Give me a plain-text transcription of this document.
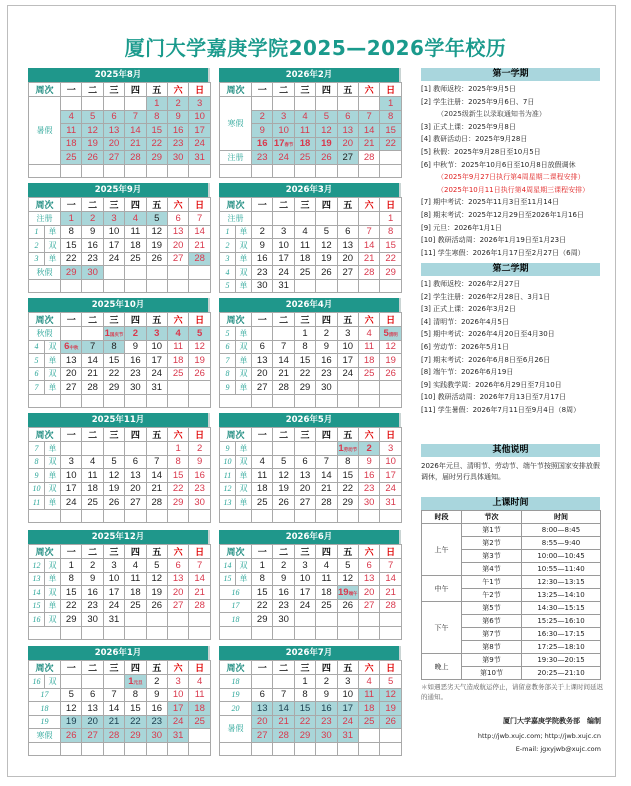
厦门大学嘉庚学院2025—2026学年校历
2025年8月
周次	一	二	三	四	五	六	日
暑假					1	2	3
	4	5	6	7	8	9	10
	11	12	13	14	15	16	17
	18	19	20	21	22	23	24
	25	26	27	28	29	30	31

2026年2月
周次	一	二	三	四	五	六	日
寒假							1
	2	3	4	5	6	7	8
	9	10	11	12	13	14	15
	16	17春节	18	19	20	21	22
注册	23	24	25	26	27	28	

2025年9月
周次		一	二	三	四	五	六	日
注册		1	2	3	4	5	6	7
1	单	8	9	10	11	12	13	14
2	双	15	16	17	18	19	20	21
3	单	22	23	24	25	26	27	28
秋假		29	30					

2026年3月
周次		一	二	三	四	五	六	日
注册								1
1	单	2	3	4	5	6	7	8
2	双	9	10	11	12	13	14	15
3	单	16	17	18	19	20	21	22
4	双	23	24	25	26	27	28	29
5	单	30	31					
2025年10月
周次		一	二	三	四	五	六	日
秋假				1国庆节	2	3	4	5
4	双	6中秋	7	8	9	10	11	12
5	单	13	14	15	16	17	18	19
6	双	20	21	22	23	24	25	26
7	单	27	28	29	30	31		

2026年4月
周次		一	二	三	四	五	六	日
5	单			1	2	3	4	5清明
6	双	6	7	8	9	10	11	12
7	单	13	14	15	16	17	18	19
8	双	20	21	22	23	24	25	26
9	单	27	28	29	30			

2025年11月
周次		一	二	三	四	五	六	日
7	单						1	2
8	双	3	4	5	6	7	8	9
9	单	10	11	12	13	14	15	16
10	双	17	18	19	20	21	22	23
11	单	24	25	26	27	28	29	30

2026年5月
周次		一	二	三	四	五	六	日
9	单					1劳动节	2	3
10	双	4	5	6	7	8	9	10
11	单	11	12	13	14	15	16	17
12	双	18	19	20	21	22	23	24
13	单	25	26	27	28	29	30	31

2025年12月
周次		一	二	三	四	五	六	日
12	双	1	2	3	4	5	6	7
13	单	8	9	10	11	12	13	14
14	双	15	16	17	18	19	20	21
15	单	22	23	24	25	26	27	28
16	双	29	30	31				

2026年6月
周次		一	二	三	四	五	六	日
14	双	1	2	3	4	5	6	7
15	单	8	9	10	11	12	13	14
16		15	16	17	18	19端午	20	21
17		22	23	24	25	26	27	28
18		29	30					

2026年1月
周次		一	二	三	四	五	六	日
16	双				1元旦	2	3	4
17		5	6	7	8	9	10	11
18		12	13	14	15	16	17	18
19		19	20	21	22	23	24	25
寒假		26	27	28	29	30	31	

2026年7月
周次	一	二	三	四	五	六	日
18			1	2	3	4	5
19	6	7	8	9	10	11	12
20	13	14	15	16	17	18	19
暑假	20	21	22	23	24	25	26
	27	28	29	30	31		

第一学期
[1] 教师返校：2025年9月5日
[2] 学生注册：2025年9月6日、7日
（2025级新生以录取通知书为准）
[3] 正式上课：2025年9月8日
[4] 教研活动日：2025年9月28日
[5] 秋假：2025年9月28日至10月5日
[6] 中秋节：2025年10月6日至10月8日放假调休
（2025年9月27日执行第4周星期二课程安排）
（2025年10月11日执行第4周星期三课程安排）
[7] 期中考试：2025年11月3日至11月14日
[8] 期末考试：2025年12月29日至2026年1月16日
[9] 元旦：2026年1月1日
[10] 教研活动周：2026年1月19日至1月23日
[11] 学生寒假：2026年1月17日至2月27日（6周）
第二学期
[1] 教师返校：2026年2月27日
[2] 学生注册：2026年2月28日、3月1日
[3] 正式上课：2026年3月2日
[4] 清明节：2026年4月5日
[5] 期中考试：2026年4月20日至4月30日
[6] 劳动节：2026年5月1日
[7] 期末考试：2026年6月8日至6月26日
[8] 端午节：2026年6月19日
[9] 实践教学周：2026年6月29日至7月10日
[10] 教研活动周：2026年7月13日至7月17日
[11] 学生暑假：2026年7月11日至9月4日（8周）
其他说明
2026年元旦、清明节、劳动节、端午节按照国家安排放假调休，届时另行具体通知。
上课时间
时段	节次	时间
上午	第1节	8:00—8:45
	第2节	8:55—9:40
	第3节	10:00—10:45
	第4节	10:55—11:40
中午	午1节	12:30—13:15
	午2节	13:25—14:10
下午	第5节	14:30—15:15
	第6节	15:25—16:10
	第7节	16:30—17:15
	第8节	17:25—18:10
晚上	第9节	19:30—20:15
	第10节	20:25—21:10
＊如遇恶劣天气造成航运停止，请留意教务部关于上课时间延迟的通知。
厦门大学嘉庚学院教务部　编制
http://jwb.xujc.com; http://jwb.xujc.cn
E-mail: jgxyjwb@xujc.com
